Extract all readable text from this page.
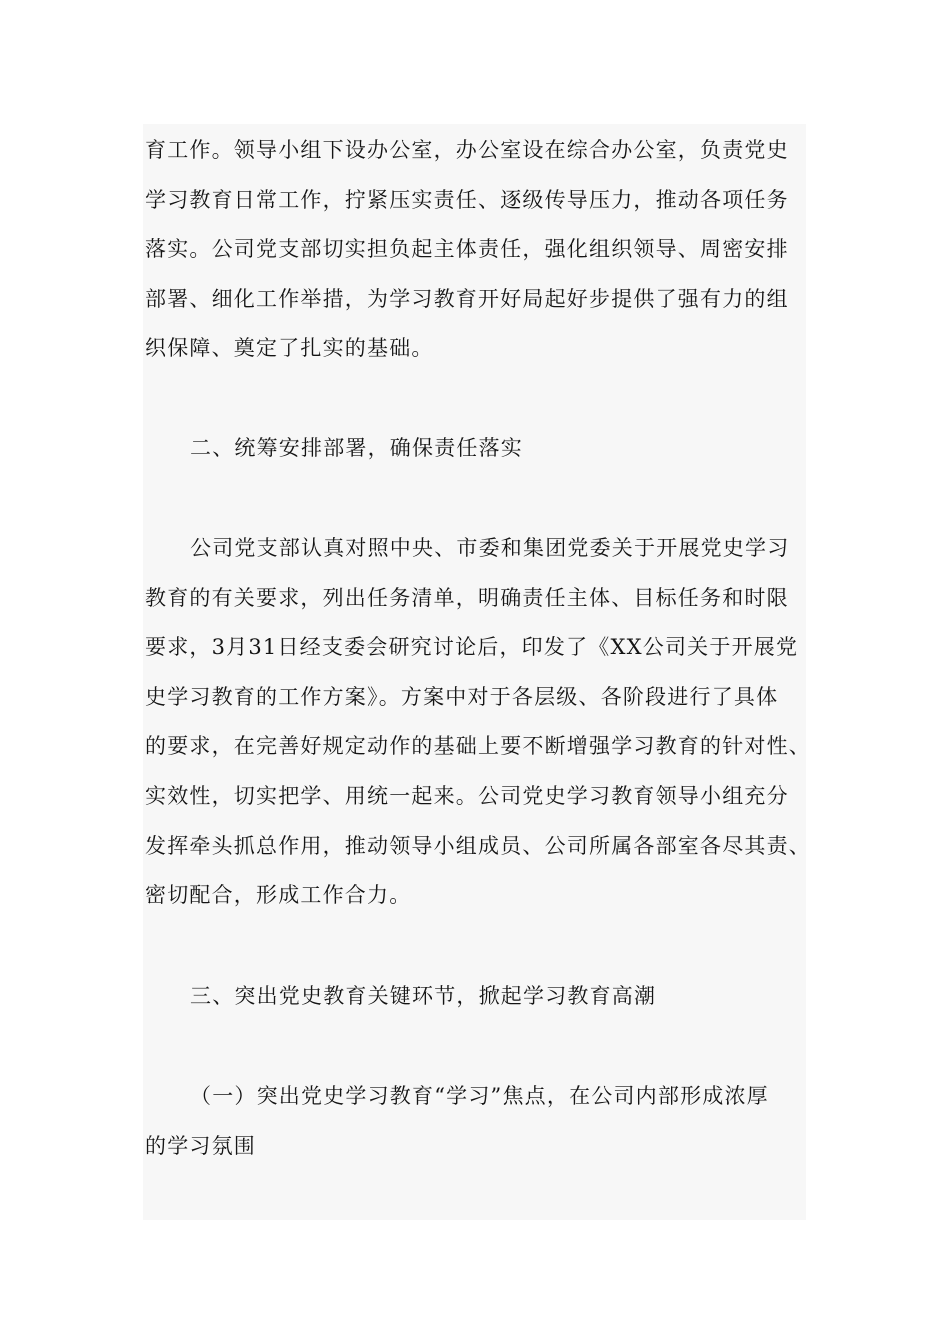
育工作。领导小组下设办公室，办公室设在综合办公室，负责党史
学习教育日常工作，拧紧压实责任、逐级传导压力，推动各项任务
落实。公司党支部切实担负起主体责任，强化组织领导、周密安排
部署、细化工作举措，为学习教育开好局起好步提供了强有力的组
织保障、奠定了扎实的基础。
二、统筹安排部署，确保责任落实
公司党支部认真对照中央、市委和集团党委关于开展党史学习
教育的有关要求，列出任务清单，明确责任主体、目标任务和时限
要求，3月31日经支委会研究讨论后，印发了《XX公司关于开展党
史学习教育的工作方案》。方案中对于各层级、各阶段进行了具体
的要求，在完善好规定动作的基础上要不断增强学习教育的针对性、
实效性，切实把学、用统一起来。公司党史学习教育领导小组充分
发挥牵头抓总作用，推动领导小组成员、公司所属各部室各尽其责、
密切配合，形成工作合力。
三、突出党史教育关键环节，掀起学习教育高潮
（一）突出党史学习教育“学习”焦点，在公司内部形成浓厚
的学习氛围
